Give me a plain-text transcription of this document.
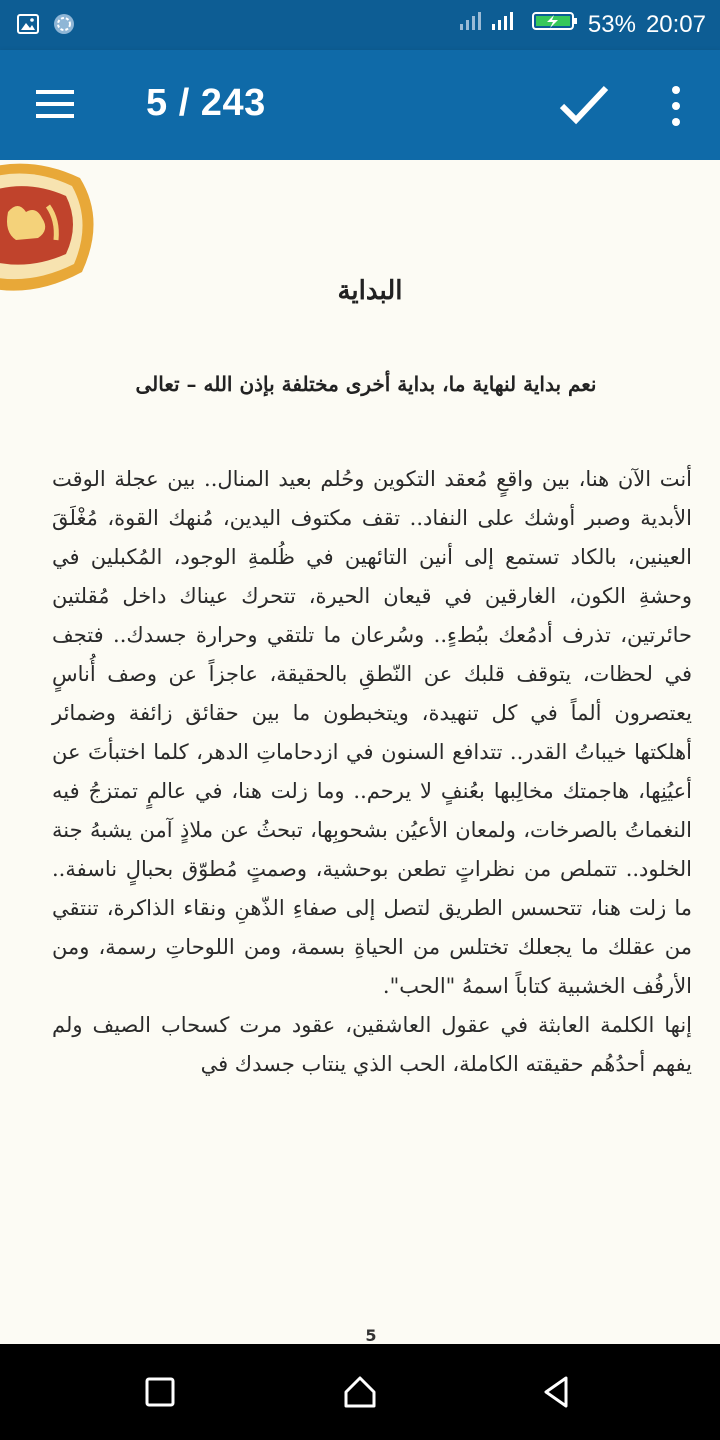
53% 20:07
5 / 243
البداية
نعم بداية لنهاية ما، بداية أخرى مختلفة بإذن الله – تعالى

أنت الآن هنا، بين واقعٍ مُعقد التكوين وحُلم بعيد المنال.. بين عجلة الوقت الأبدية وصبر أوشك على النفاد.. تقف مكتوف اليدين، مُنهك القوة، مُغْلَقَ العينين، بالكاد تستمع إلى أنين التائهين في ظُلمةِ الوجود، المُكبلين في وحشةِ الكون، الغارقين في قيعان الحيرة، تتحرك عيناك داخل مُقلتين حائرتين، تذرف أدمُعك ببُطءٍ.. وسُرعان ما تلتقي وحرارة جسدك.. فتجف في لحظات، يتوقف قلبك عن النّطقِ بالحقيقة، عاجزاً عن وصف أُناسٍ يعتصرون ألماً في كل تنهيدة، ويتخبطون ما بين حقائق زائفة وضمائر أهلكتها خيباتُ القدر.. تتدافع السنون في ازدحاماتِ الدهر، كلما اختبأتَ عن أعيُنِها، هاجمتك مخالِبها بعُنفٍ لا يرحم.. وما زلت هنا، في عالمٍ تمتزجُ فيه النغماتُ بالصرخات، ولمعان الأعيُن بشحوبِها، تبحثُ عن ملاذٍ آمن يشبهُ جنة الخلود.. تتملص من نظراتٍ تطعن بوحشية، وصمتٍ مُطوّق بحبالٍ ناسفة.. ما زلت هنا، تتحسس الطريق لتصل إلى صفاءِ الذّهنِ ونقاء الذاكرة، تنتقي من عقلك ما يجعلك تختلس من الحياةِ بسمة، ومن اللوحاتِ رسمة، ومن الأرفُف الخشبية كتاباً اسمهُ "الحب".

إنها الكلمة العابثة في عقول العاشقين، عقود مرت كسحاب الصيف ولم يفهم أحدُهُم حقيقته الكاملة، الحب الذي ينتاب جسدك في

5
